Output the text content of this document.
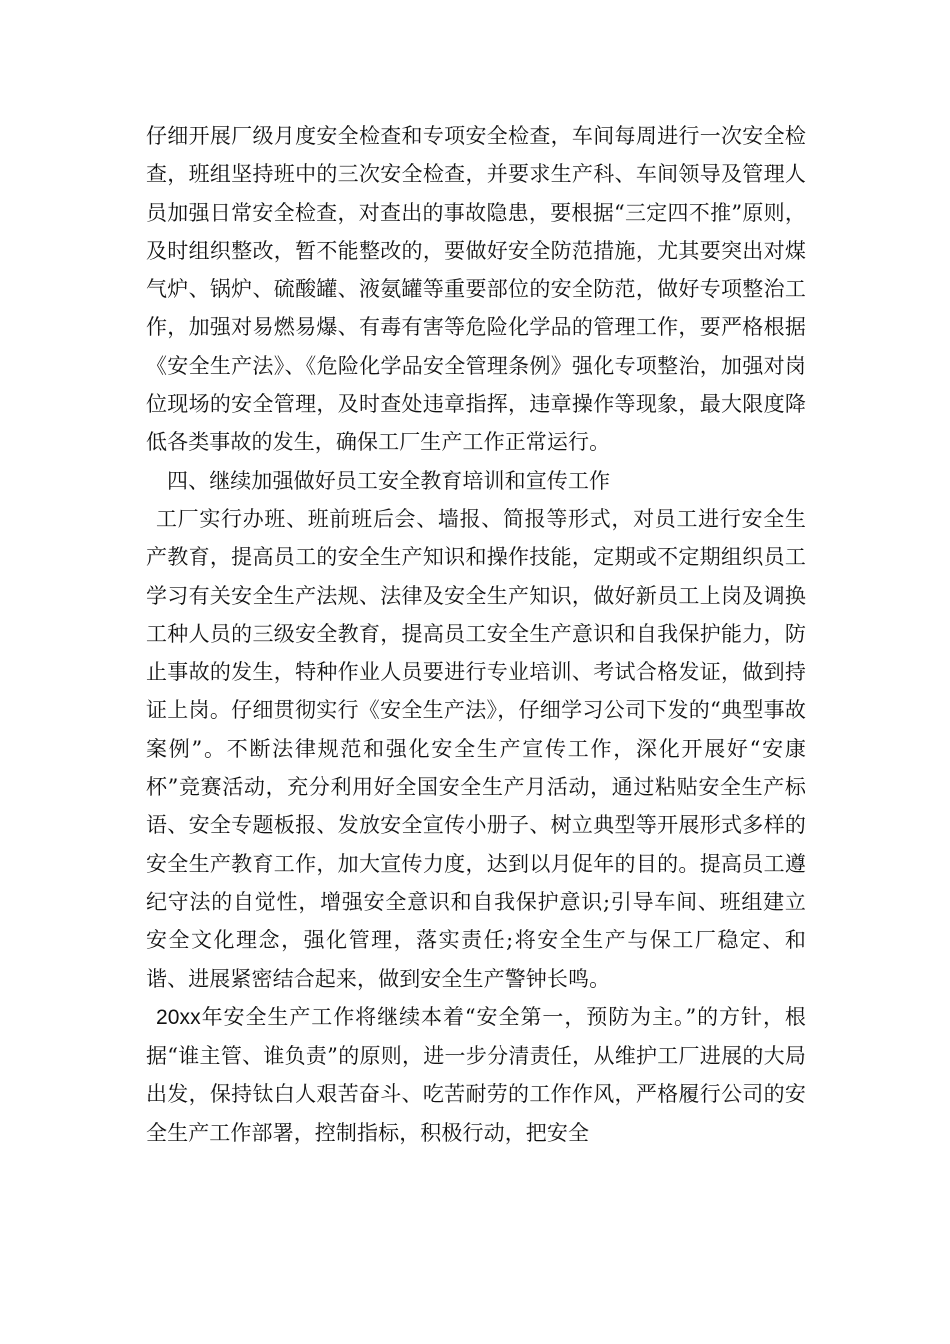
仔细开展厂级月度安全检查和专项安全检查，车间每周进行一次安全检查，班组坚持班中的三次安全检查，并要求生产科、车间领导及管理人员加强日常安全检查，对查出的事故隐患，要根据“三定四不推”原则，及时组织整改，暂不能整改的，要做好安全防范措施，尤其要突出对煤气炉、锅炉、硫酸罐、液氨罐等重要部位的安全防范，做好专项整治工作，加强对易燃易爆、有毒有害等危险化学品的管理工作，要严格根据《安全生产法》、《危险化学品安全管理条例》强化专项整治，加强对岗位现场的安全管理，及时查处违章指挥，违章操作等现象，最大限度降低各类事故的发生，确保工厂生产工作正常运行。

四、继续加强做好员工安全教育培训和宣传工作

工厂实行办班、班前班后会、墙报、简报等形式，对员工进行安全生产教育，提高员工的安全生产知识和操作技能，定期或不定期组织员工学习有关安全生产法规、法律及安全生产知识，做好新员工上岗及调换工种人员的三级安全教育，提高员工安全生产意识和自我保护能力，防止事故的发生，特种作业人员要进行专业培训、考试合格发证，做到持证上岗。仔细贯彻实行《安全生产法》，仔细学习公司下发的“典型事故案例”。不断法律规范和强化安全生产宣传工作，深化开展好“安康杯”竞赛活动，充分利用好全国安全生产月活动，通过粘贴安全生产标语、安全专题板报、发放安全宣传小册子、树立典型等开展形式多样的安全生产教育工作，加大宣传力度，达到以月促年的目的。提高员工遵纪守法的自觉性，增强安全意识和自我保护意识;引导车间、班组建立安全文化理念，强化管理，落实责任;将安全生产与保工厂稳定、和谐、进展紧密结合起来，做到安全生产警钟长鸣。

20xx年安全生产工作将继续本着“安全第一，预防为主。”的方针，根据“谁主管、谁负责”的原则，进一步分清责任，从维护工厂进展的大局出发，保持钛白人艰苦奋斗、吃苦耐劳的工作作风，严格履行公司的安全生产工作部署，控制指标，积极行动，把安全
